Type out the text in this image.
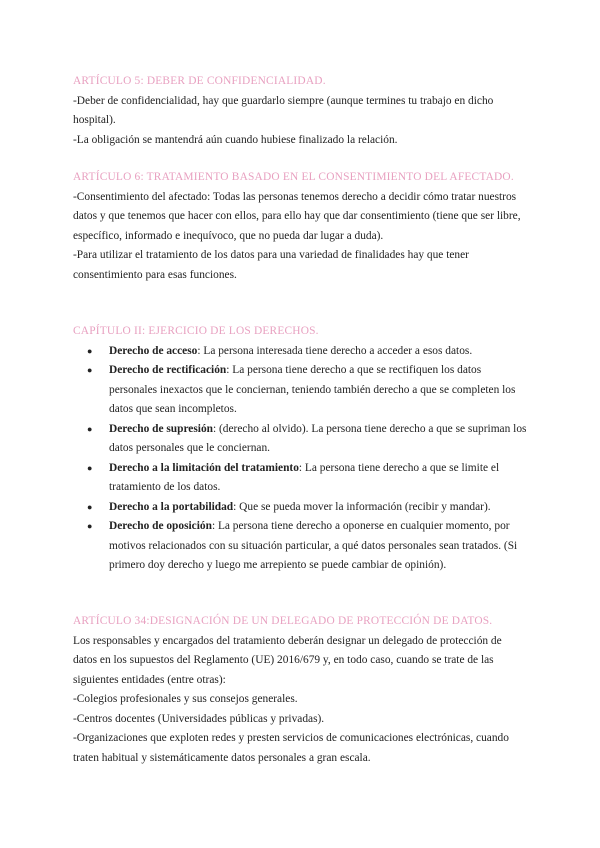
ARTÍCULO 5: DEBER DE CONFIDENCIALIDAD.

-Deber de confidencialidad, hay que guardarlo siempre (aunque termines tu trabajo en dicho hospital).

-La obligación se mantendrá aún cuando hubiese finalizado la relación.

ARTÍCULO 6: TRATAMIENTO BASADO EN EL CONSENTIMIENTO DEL AFECTADO.

-Consentimiento del afectado: Todas las personas tenemos derecho a decidir cómo tratar nuestros datos y que tenemos que hacer con ellos, para ello hay que dar consentimiento (tiene que ser libre, específico, informado e inequívoco, que no pueda dar lugar a duda).

-Para utilizar el tratamiento de los datos para una variedad de finalidades hay que tener consentimiento para esas funciones.

CAPÍTULO II: EJERCICIO DE LOS DERECHOS.

● Derecho de acceso: La persona interesada tiene derecho a acceder a esos datos.
● Derecho de rectificación: La persona tiene derecho a que se rectifiquen los datos personales inexactos que le conciernan, teniendo también derecho a que se completen los datos que sean incompletos.
● Derecho de supresión: (derecho al olvido). La persona tiene derecho a que se supriman los datos personales que le conciernan.
● Derecho a la limitación del tratamiento: La persona tiene derecho a que se limite el tratamiento de los datos.
● Derecho a la portabilidad: Que se pueda mover la información (recibir y mandar).
● Derecho de oposición: La persona tiene derecho a oponerse en cualquier momento, por motivos relacionados con su situación particular, a qué datos personales sean tratados. (Si primero doy derecho y luego me arrepiento se puede cambiar de opinión).

ARTÍCULO 34:DESIGNACIÓN DE UN DELEGADO DE PROTECCIÓN DE DATOS.

Los responsables y encargados del tratamiento deberán designar un delegado de protección de datos en los supuestos del Reglamento (UE) 2016/679 y, en todo caso, cuando se trate de las siguientes entidades (entre otras):

-Colegios profesionales y sus consejos generales.

-Centros docentes (Universidades públicas y privadas).

-Organizaciones que exploten redes y presten servicios de comunicaciones electrónicas, cuando traten habitual y sistemáticamente datos personales a gran escala.
